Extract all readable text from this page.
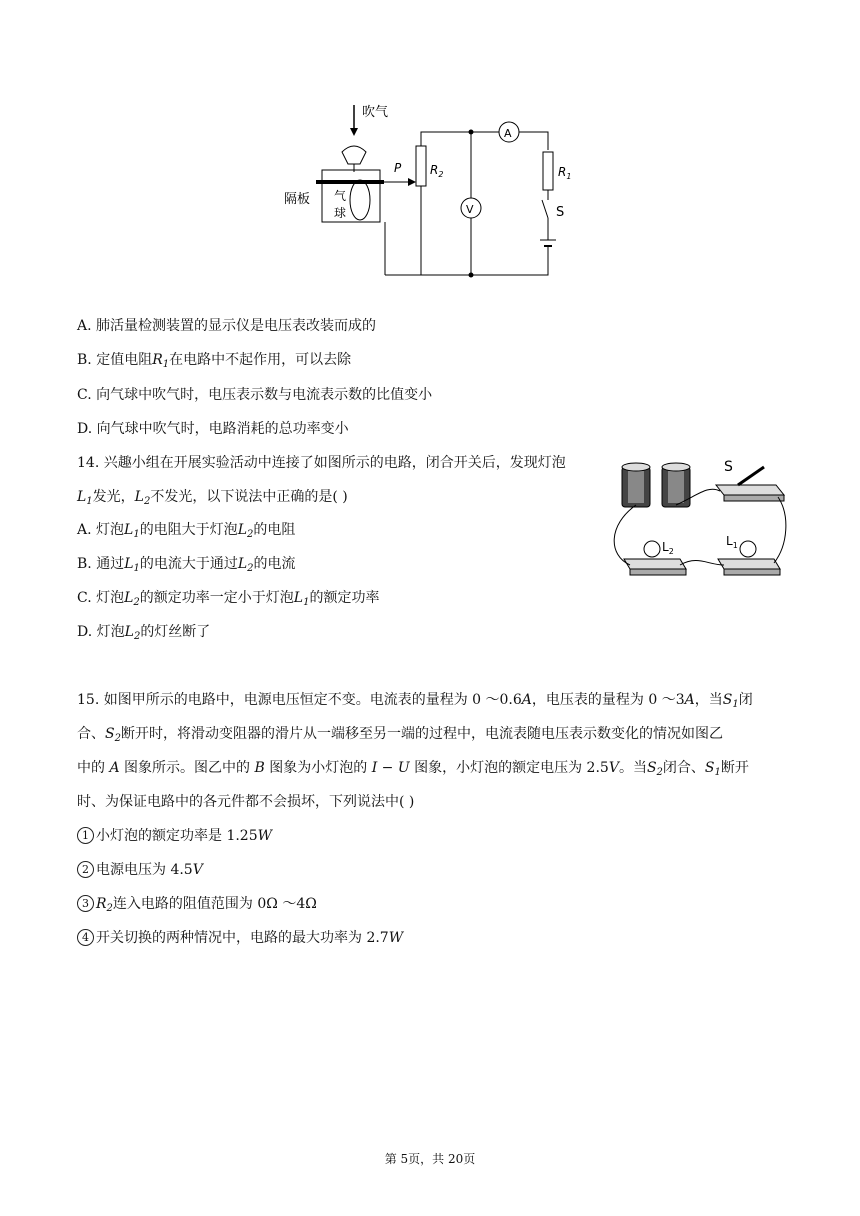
吹气
隔板 气
球
P $R_2$
V
A
$R_1$
S
A. 肺活量检测装置的显示仪是电压表改装而成的
B. 定值电阻$R_1$在电路中不起作用，可以去除
C. 向气球中吹气时，电压表示数与电流表示数的比值变小
D. 向气球中吹气时，电路消耗的总功率变小
14. 兴趣小组在开展实验活动中连接了如图所示的电路，闭合开关后，发现灯泡
$L_1$发光，$L_2$不发光，以下说法中正确的是( )
A. 灯泡$L_1$的电阻大于灯泡$L_2$的电阻
B. 通过$L_1$的电流大于通过$L_2$的电流
C. 灯泡$L_2$的额定功率一定小于灯泡$L_1$的额定功率
D. 灯泡$L_2$的灯丝断了
S
$L_2$
$L_1$
15. 如图甲所示的电路中，电源电压恒定不变。电流表的量程为 0 ～0.6A，电压表的量程为 0 ～3A，当$S_1$闭
合、$S_2$断开时，将滑动变阻器的滑片从一端移至另一端的过程中，电流表随电压表示数变化的情况如图乙
中的 A 图象所示。图乙中的 B 图象为小灯泡的 I − U 图象，小灯泡的额定电压为 2.5V。当$S_2$闭合、$S_1$断开
时、为保证电路中的各元件都不会损坏，下列说法中( )
1 小灯泡的额定功率是 1.25W
2 电源电压为 4.5V
3 $R_2$连入电路的阻值范围为 0Ω ～4Ω
4 开关切换的两种情况中，电路的最大功率为 2.7W
第 5页，共 20页
